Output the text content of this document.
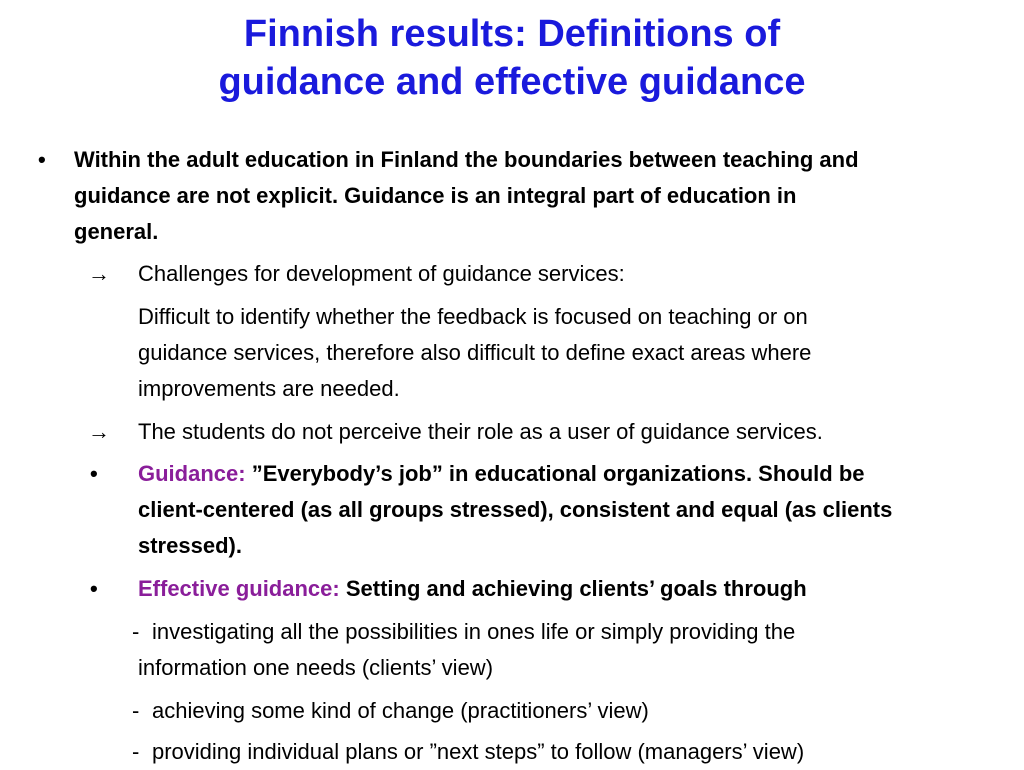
Finnish results: Definitions of
guidance and effective guidance
• Within the adult education in Finland the boundaries between teaching and
guidance are not explicit. Guidance is an integral part of education in
general.
→ Challenges for development of guidance services:
Difficult to identify whether the feedback is focused on teaching or on
guidance services, therefore also difficult to define exact areas where
improvements are needed.
→ The students do not perceive their role as a user of guidance services.
• Guidance: ”Everybody’s job” in educational organizations. Should be
client-centered (as all groups stressed), consistent and equal (as clients
stressed).
• Effective guidance: Setting and achieving clients’ goals through
- investigating all the possibilities in ones life or simply providing the
information one needs (clients’ view)
- achieving some kind of change (practitioners’ view)
- providing individual plans or ”next steps” to follow (managers’ view)
